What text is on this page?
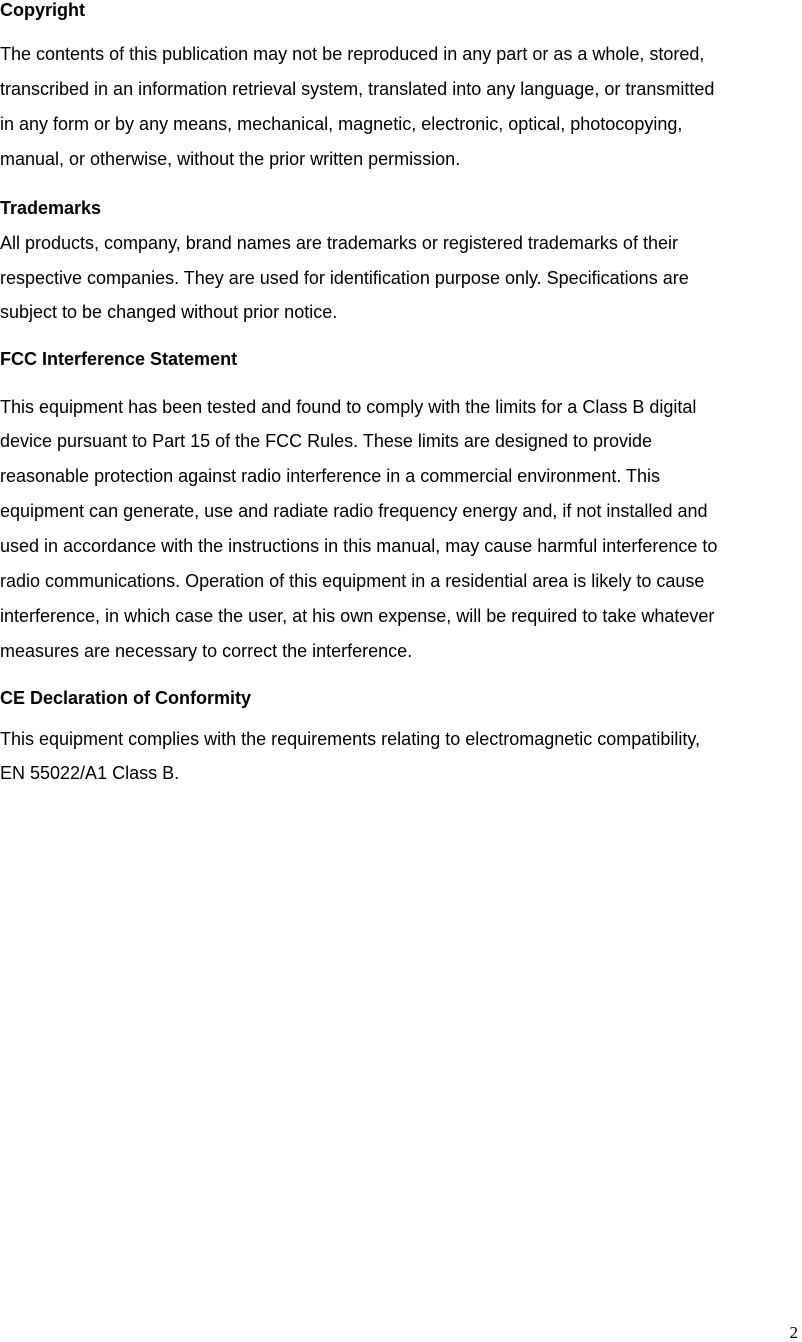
Copyright
The contents of this publication may not be reproduced in any part or as a whole, stored,
transcribed in an information retrieval system, translated into any language, or transmitted
in any form or by any means, mechanical, magnetic, electronic, optical, photocopying,
manual, or otherwise, without the prior written permission.
Trademarks
All products, company, brand names are trademarks or registered trademarks of their
respective companies. They are used for identification purpose only. Specifications are
subject to be changed without prior notice.
FCC Interference Statement
This equipment has been tested and found to comply with the limits for a Class B digital
device pursuant to Part 15 of the FCC Rules. These limits are designed to provide
reasonable protection against radio interference in a commercial environment. This
equipment can generate, use and radiate radio frequency energy and, if not installed and
used in accordance with the instructions in this manual, may cause harmful interference to
radio communications. Operation of this equipment in a residential area is likely to cause
interference, in which case the user, at his own expense, will be required to take whatever
measures are necessary to correct the interference.
CE Declaration of Conformity
This equipment complies with the requirements relating to electromagnetic compatibility,
EN 55022/A1 Class B.
2
